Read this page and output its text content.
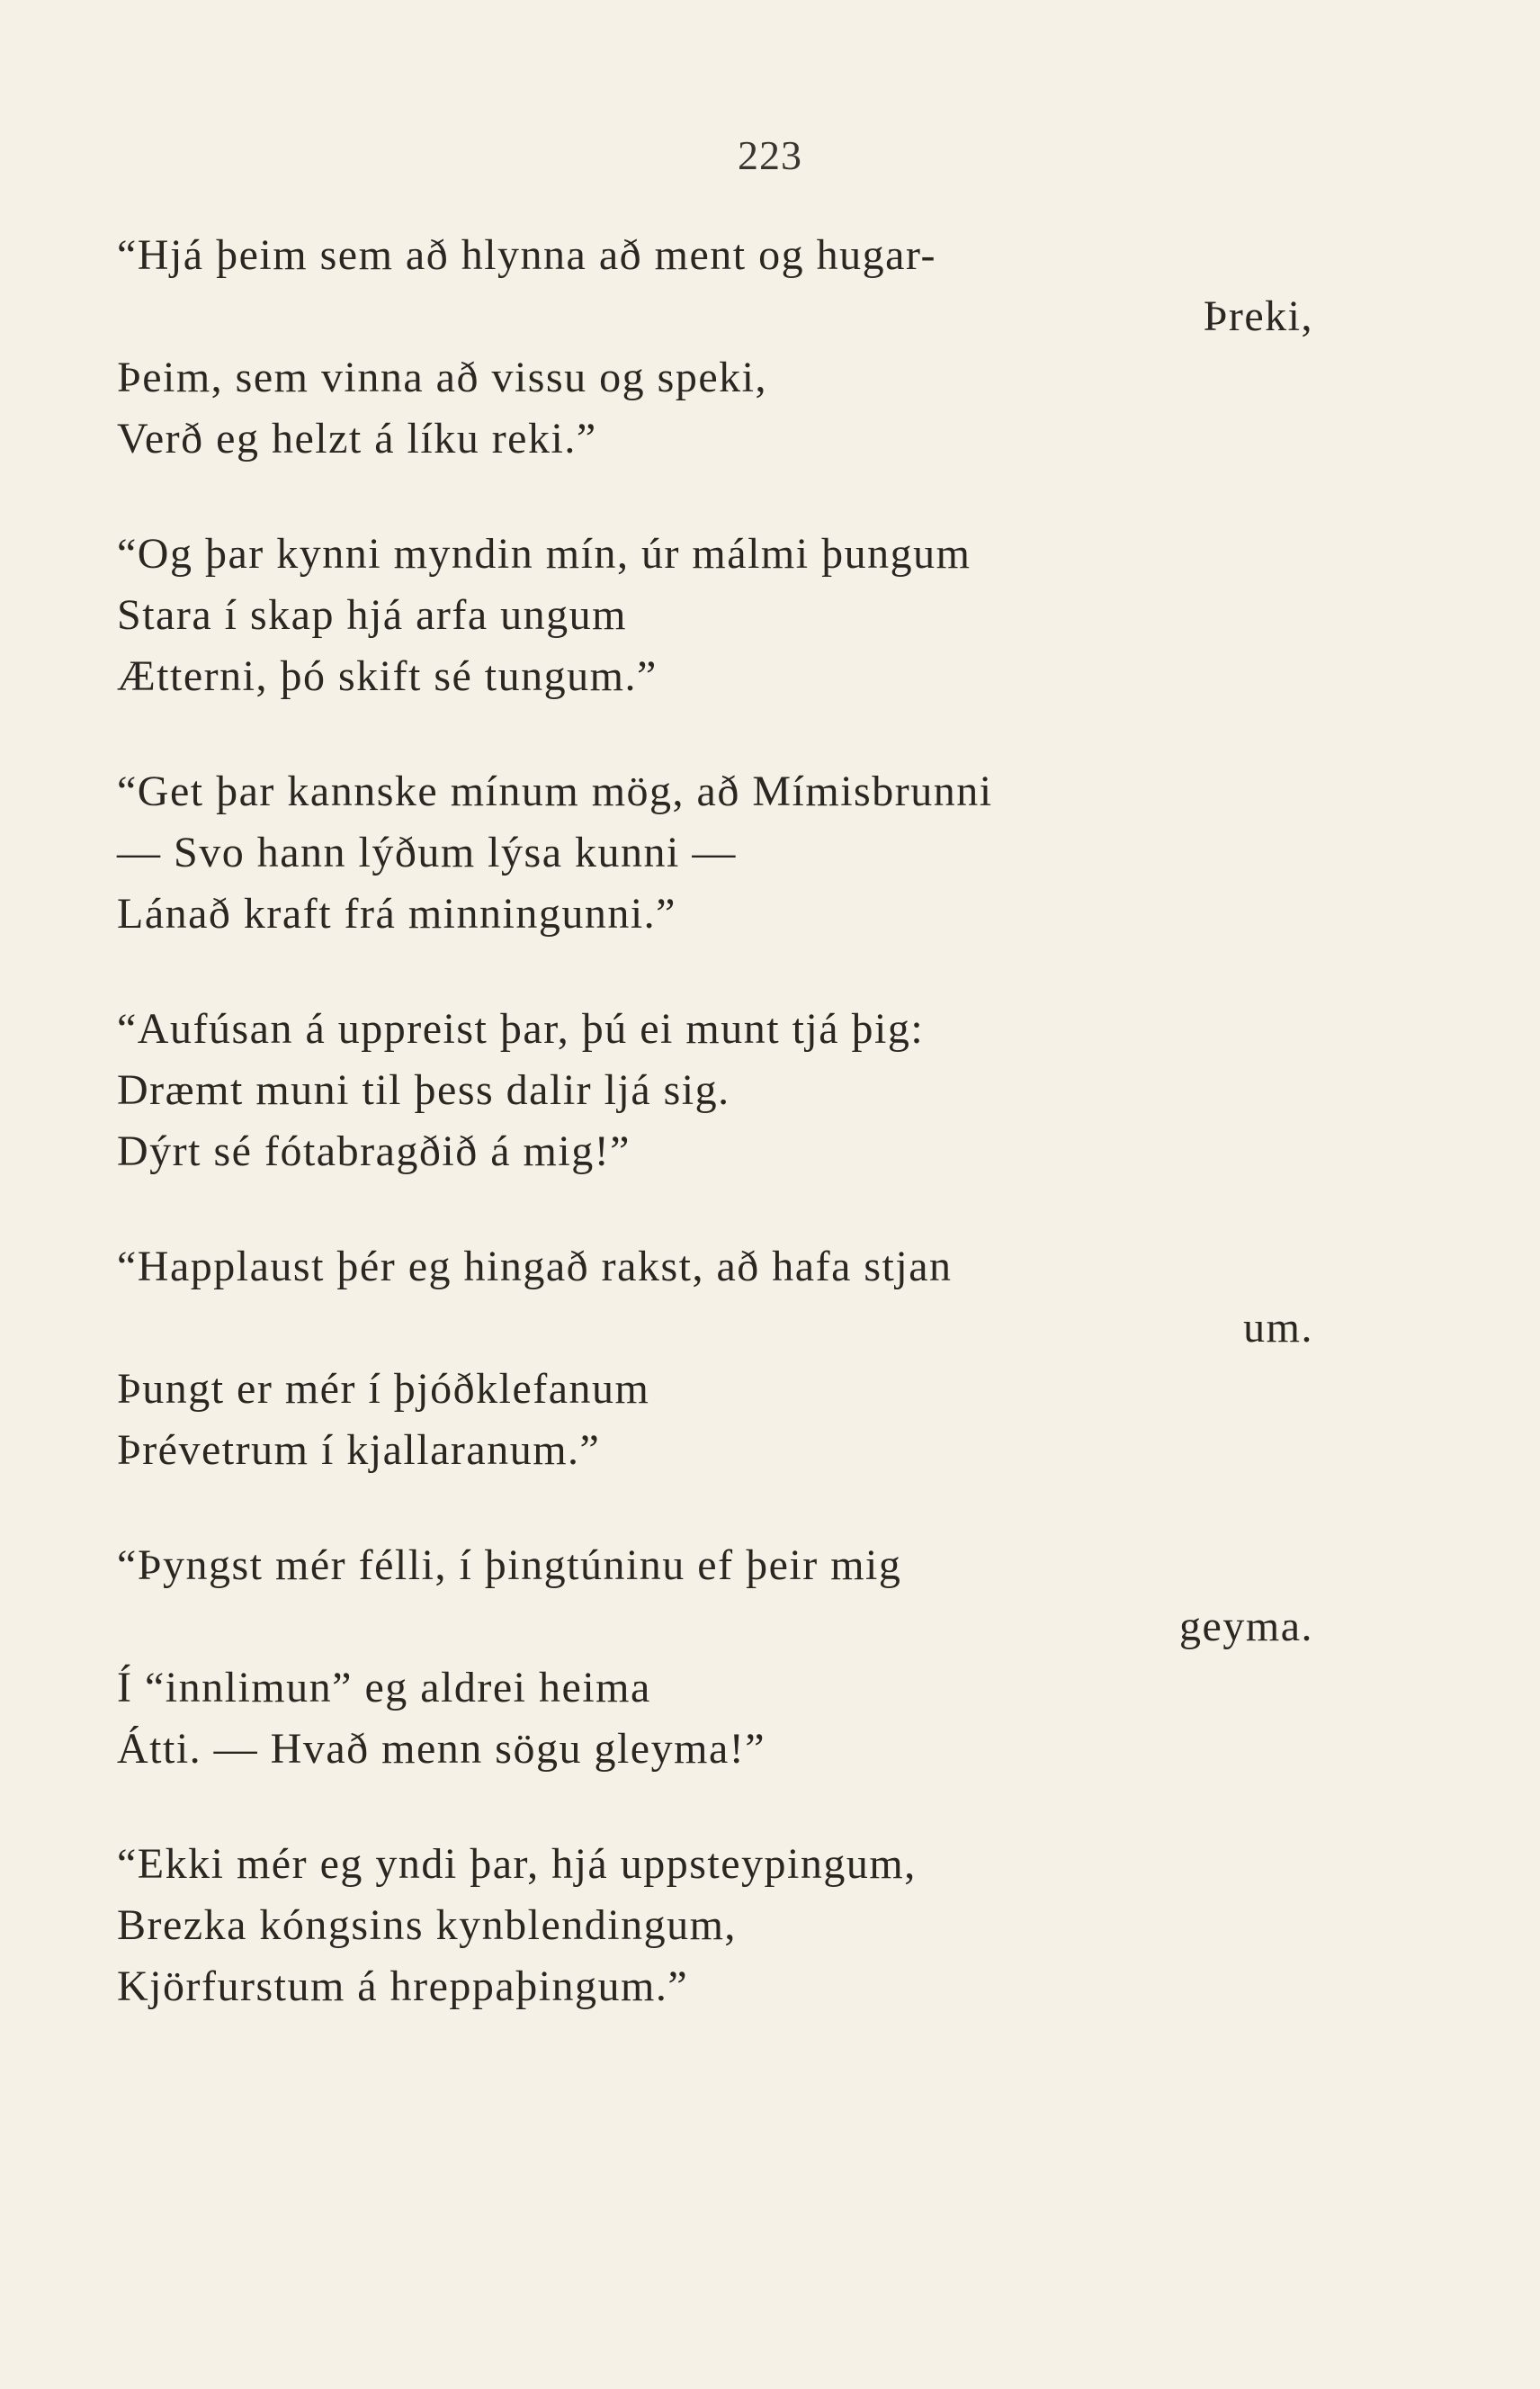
223
“Hjá þeim sem að hlynna að ment og hugar-
Þreki,
Þeim, sem vinna að vissu og speki,
Verð eg helzt á líku reki.”
“Og þar kynni myndin mín, úr málmi þungum
Stara í skap hjá arfa ungum
Ætterni, þó skift sé tungum.”
“Get þar kannske mínum mög, að Mímisbrunni
— Svo hann lýðum lýsa kunni —
Lánað kraft frá minningunni.”
“Aufúsan á uppreist þar, þú ei munt tjá þig:
Dræmt muni til þess dalir ljá sig.
Dýrt sé fótabragðið á mig!”
“Happlaust þér eg hingað rakst, að hafa stjan
um.
Þungt er mér í þjóðklefanum
Þrévetrum í kjallaranum.”
“Þyngst mér félli, í þingtúninu ef þeir mig
geyma.
Í “innlimun” eg aldrei heima
Átti. — Hvað menn sögu gleyma!”
“Ekki mér eg yndi þar, hjá uppsteypingum,
Brezka kóngsins kynblendingum,
Kjörfurstum á hreppaþingum.”
